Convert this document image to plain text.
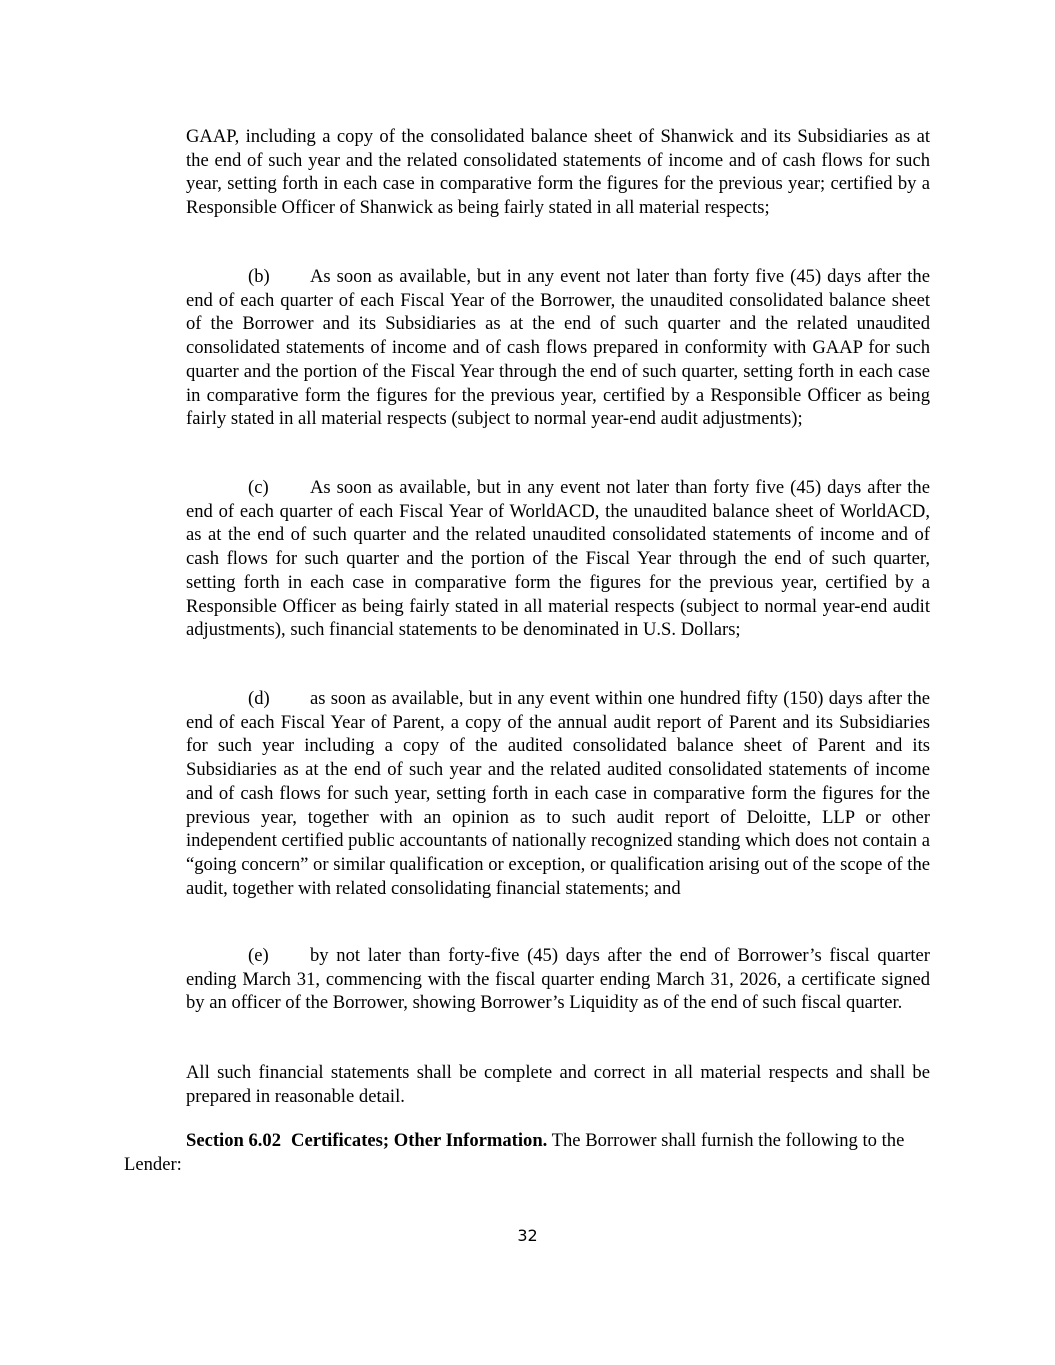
GAAP, including a copy of the consolidated balance sheet of Shanwick and its Subsidiaries as at the end of such year and the related consolidated statements of income and of cash flows for such year, setting forth in each case in comparative form the figures for the previous year; certified by a Responsible Officer of Shanwick as being fairly stated in all material respects;

(b) As soon as available, but in any event not later than forty five (45) days after the end of each quarter of each Fiscal Year of the Borrower, the unaudited consolidated balance sheet of the Borrower and its Subsidiaries as at the end of such quarter and the related unaudited consolidated statements of income and of cash flows prepared in conformity with GAAP for such quarter and the portion of the Fiscal Year through the end of such quarter, setting forth in each case in comparative form the figures for the previous year, certified by a Responsible Officer as being fairly stated in all material respects (subject to normal year-end audit adjustments);

(c) As soon as available, but in any event not later than forty five (45) days after the end of each quarter of each Fiscal Year of WorldACD, the unaudited balance sheet of WorldACD, as at the end of such quarter and the related unaudited consolidated statements of income and of cash flows for such quarter and the portion of the Fiscal Year through the end of such quarter, setting forth in each case in comparative form the figures for the previous year, certified by a Responsible Officer as being fairly stated in all material respects (subject to normal year-end audit adjustments), such financial statements to be denominated in U.S. Dollars;

(d) as soon as available, but in any event within one hundred fifty (150) days after the end of each Fiscal Year of Parent, a copy of the annual audit report of Parent and its Subsidiaries for such year including a copy of the audited consolidated balance sheet of Parent and its Subsidiaries as at the end of such year and the related audited consolidated statements of income and of cash flows for such year, setting forth in each case in comparative form the figures for the previous year, together with an opinion as to such audit report of Deloitte, LLP or other independent certified public accountants of nationally recognized standing which does not contain a “going concern” or similar qualification or exception, or qualification arising out of the scope of the audit, together with related consolidating financial statements; and

(e) by not later than forty-five (45) days after the end of Borrower’s fiscal quarter ending March 31, commencing with the fiscal quarter ending March 31, 2026, a certificate signed by an officer of the Borrower, showing Borrower’s Liquidity as of the end of such fiscal quarter.

All such financial statements shall be complete and correct in all material respects and shall be prepared in reasonable detail.

Section 6.02 Certificates; Other Information. The Borrower shall furnish the following to the Lender:

32
